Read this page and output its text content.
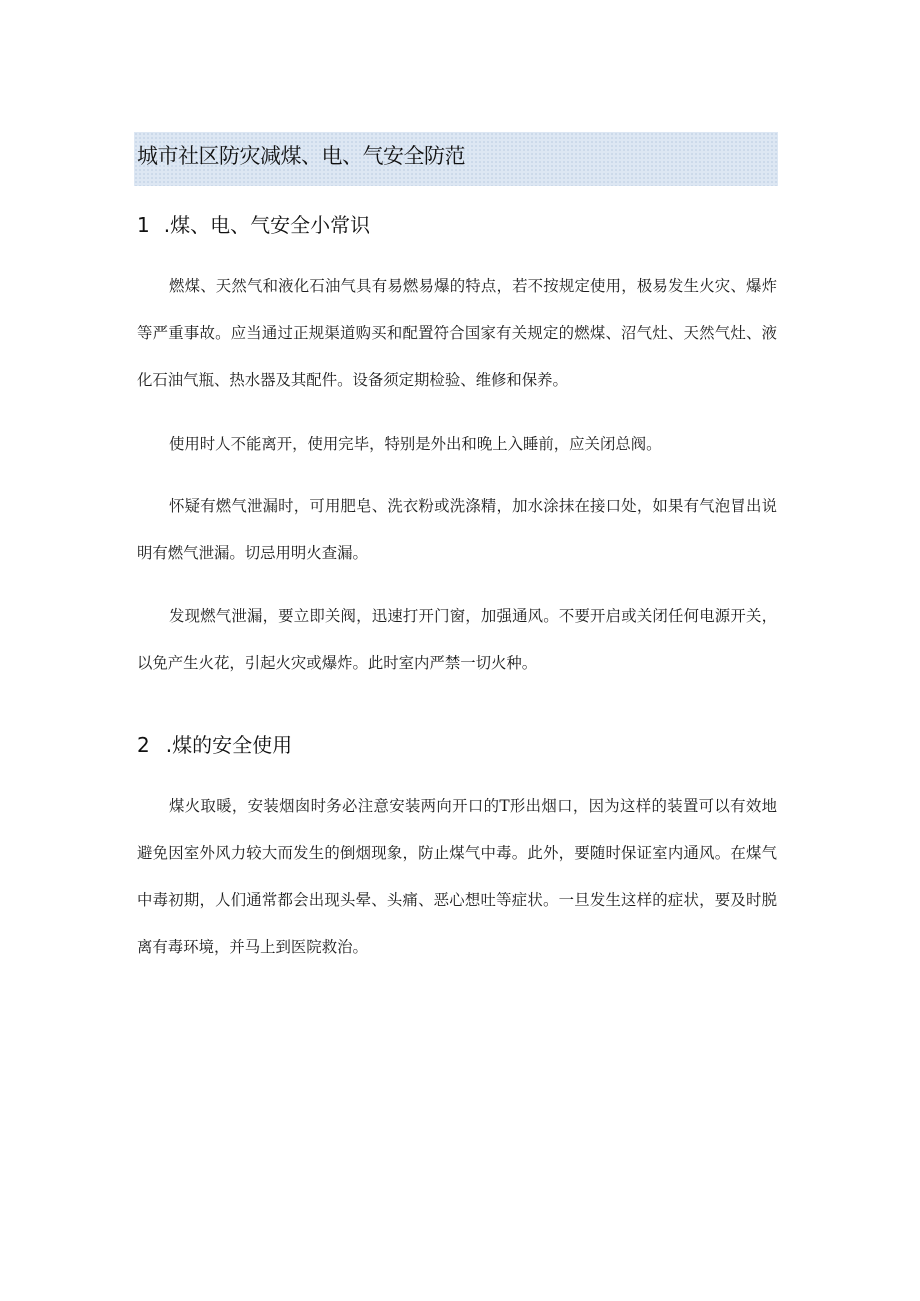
城市社区防灾减煤、电、气安全防范
1 .煤、电、气安全小常识

燃煤、天然气和液化石油气具有易燃易爆的特点，若不按规定使用，极易发生火灾、爆炸等严重事故。应当通过正规渠道购买和配置符合国家有关规定的燃煤、沼气灶、天然气灶、液化石油气瓶、热水器及其配件。设备须定期检验、维修和保养。

使用时人不能离开，使用完毕，特别是外出和晚上入睡前，应关闭总阀。

怀疑有燃气泄漏时，可用肥皂、洗衣粉或洗涤精，加水涂抹在接口处，如果有气泡冒出说明有燃气泄漏。切忌用明火查漏。

发现燃气泄漏，要立即关阀，迅速打开门窗，加强通风。不要开启或关闭任何电源开关，以免产生火花，引起火灾或爆炸。此时室内严禁一切火种。

2 .煤的安全使用

煤火取暖，安装烟囱时务必注意安装两向开口的T形出烟口，因为这样的装置可以有效地避免因室外风力较大而发生的倒烟现象，防止煤气中毒。此外，要随时保证室内通风。在煤气中毒初期，人们通常都会出现头晕、头痛、恶心想吐等症状。一旦发生这样的症状，要及时脱离有毒环境，并马上到医院救治。
